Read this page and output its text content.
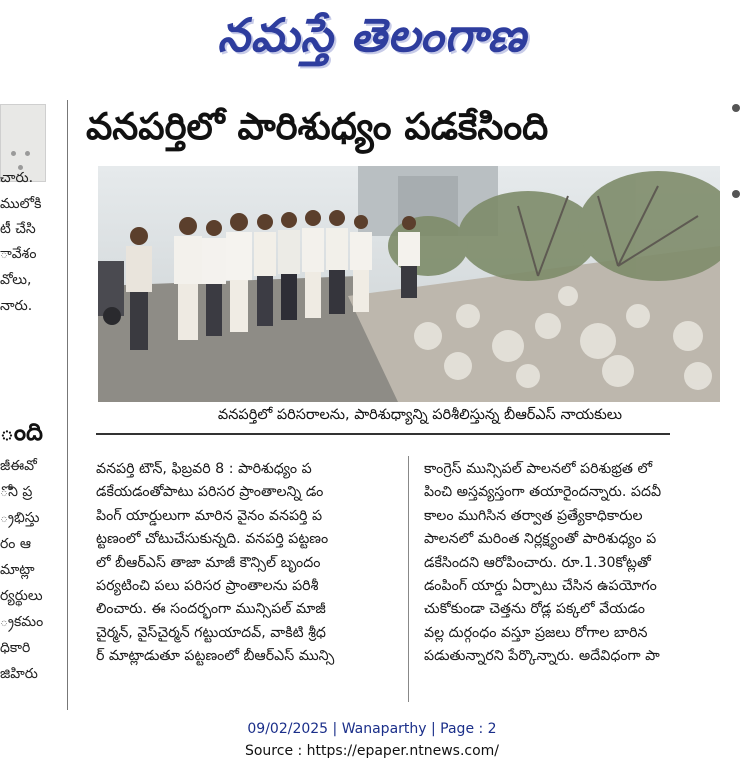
నమస్తే తెలంగాణ
చారు.
ములోకి
టీ చేసి
ావేశం
వోలు,
నారు.
ంది
జీఈవో
ోని ప్ర
్రభిస్తు
రం ఆ
మాట్లా
ర్యర్థులు
్రకమం
ధికారి
జిహిరు
వనపర్తిలో పారిశుధ్యం పడకేసింది
వనపర్తిలో పరిసరాలను, పారిశుధ్యాన్ని పరిశీలిస్తున్న బీఆర్ఎస్ నాయకులు
వనపర్తి టౌన్, ఫిబ్రవరి 8 : పారిశుధ్యం ప
డకేయడంతోపాటు పరిసర ప్రాంతాలన్ని డం
పింగ్ యార్డులుగా మారిన వైనం వనపర్తి ప
ట్టణంలో చోటుచేసుకున్నది. వనపర్తి పట్టణం
లో బీఆర్ఎస్ తాజా మాజీ కౌన్సిల్ బృందం
పర్యటించి పలు పరిసర ప్రాంతాలను పరిశీ
లించారు. ఈ సందర్భంగా మున్సిపల్ మాజీ
చైర్మన్, వైస్‌చైర్మన్ గట్టుయాదవ్, వాకిటి శ్రీధ
ర్ మాట్లాడుతూ పట్టణంలో బీఆర్ఎస్ మున్సి
కాంగ్రెస్ మున్సిపల్ పాలనలో పరిశుభ్రత లో
పించి అస్తవ్యస్తంగా తయారైందన్నారు. పదవీ
కాలం ముగిసిన తర్వాత ప్రత్యేకాధికారుల
పాలనలో మరింత నిర్లక్ష్యంతో పారిశుధ్యం ప
డకేసిందని ఆరోపించారు. రూ.1.30కోట్లతో
డంపింగ్ యార్డు ఏర్పాటు చేసిన ఉపయోగం
చుకోకుండా చెత్తను రోడ్ల పక్కలో వేయడం
వల్ల దుర్గంధం వస్తూ ప్రజలు రోగాల బారిన
పడుతున్నారని పేర్కొన్నారు. అదేవిధంగా పా
09/02/2025 | Wanaparthy | Page : 2
Source : https://epaper.ntnews.com/
